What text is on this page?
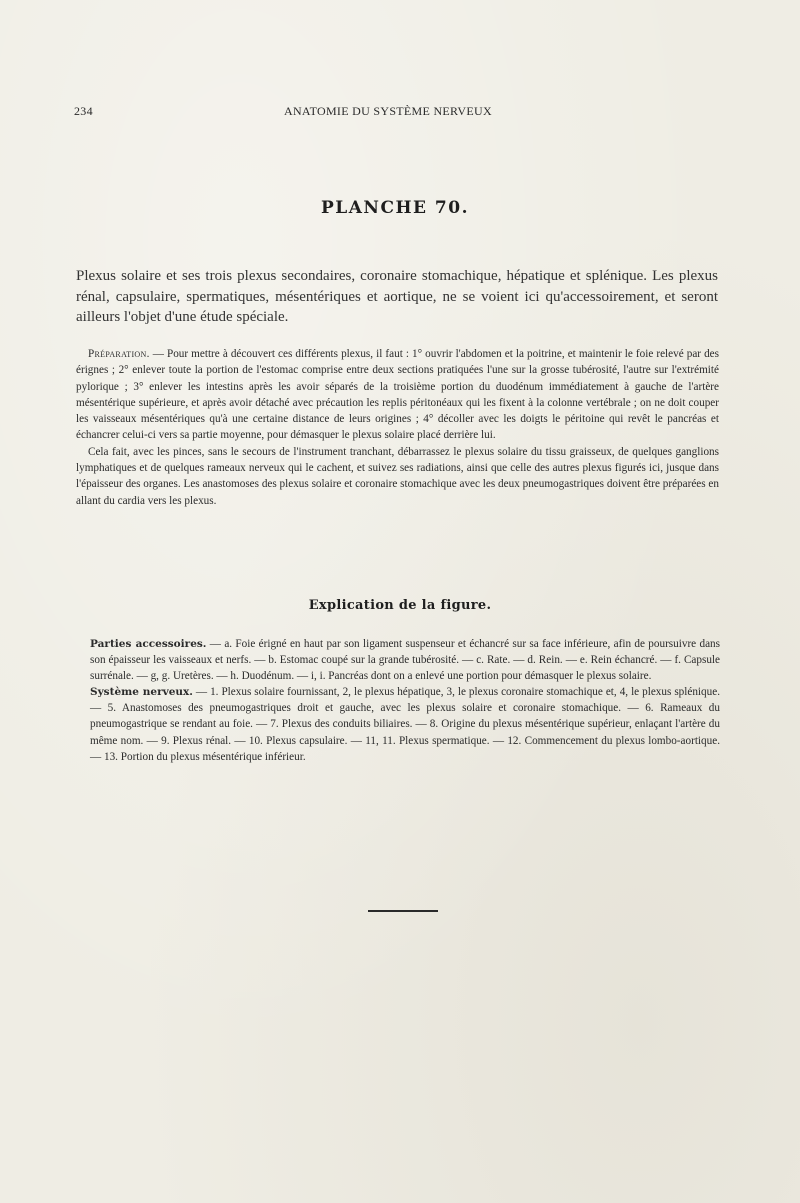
234	ANATOMIE DU SYSTÈME NERVEUX
PLANCHE 70.
Plexus solaire et ses trois plexus secondaires, coronaire stomachique, hépatique et splénique. Les plexus rénal, capsulaire, spermatiques, mésentériques et aortique, ne se voient ici qu'accessoirement, et seront ailleurs l'objet d'une étude spéciale.

Préparation. — Pour mettre à découvert ces différents plexus, il faut : 1° ouvrir l'abdomen et la poitrine, et maintenir le foie relevé par des érignes ; 2° enlever toute la portion de l'estomac comprise entre deux sections pratiquées l'une sur la grosse tubérosité, l'autre sur l'extrémité pylorique ; 3° enlever les intestins après les avoir séparés de la troisième portion du duodénum immédiatement à gauche de l'artère mésentérique supérieure, et après avoir détaché avec précaution les replis péritonéaux qui les fixent à la colonne vertébrale ; on ne doit couper les vaisseaux mésentériques qu'à une certaine distance de leurs origines ; 4° décoller avec les doigts le péritoine qui revêt le pancréas et échancrer celui-ci vers sa partie moyenne, pour démasquer le plexus solaire placé derrière lui.

Cela fait, avec les pinces, sans le secours de l'instrument tranchant, débarrassez le plexus solaire du tissu graisseux, de quelques ganglions lymphatiques et de quelques rameaux nerveux qui le cachent, et suivez ses radiations, ainsi que celle des autres plexus figurés ici, jusque dans l'épaisseur des organes. Les anastomoses des plexus solaire et coronaire stomachique avec les deux pneumogastriques doivent être préparées en allant du cardia vers les plexus.

Explication de la figure.

Parties accessoires. — a. Foie érigné en haut par son ligament suspenseur et échancré sur sa face inférieure, afin de poursuivre dans son épaisseur les vaisseaux et nerfs. — b. Estomac coupé sur la grande tubérosité. — c. Rate. — d. Rein. — e. Rein échancré. — f. Capsule surrénale. — g, g. Uretères. — h. Duodénum. — i, i. Pancréas dont on a enlevé une portion pour démasquer le plexus solaire.

Système nerveux. — 1. Plexus solaire fournissant, 2, le plexus hépatique, 3, le plexus coronaire stomachique et, 4, le plexus splénique. — 5. Anastomoses des pneumogastriques droit et gauche, avec les plexus solaire et coronaire stomachique. — 6. Rameaux du pneumogastrique se rendant au foie. — 7. Plexus des conduits biliaires. — 8. Origine du plexus mésentérique supérieur, enlaçant l'artère du même nom. — 9. Plexus rénal. — 10. Plexus capsulaire. — 11, 11. Plexus spermatique. — 12. Commencement du plexus lombo-aortique. — 13. Portion du plexus mésentérique inférieur.
